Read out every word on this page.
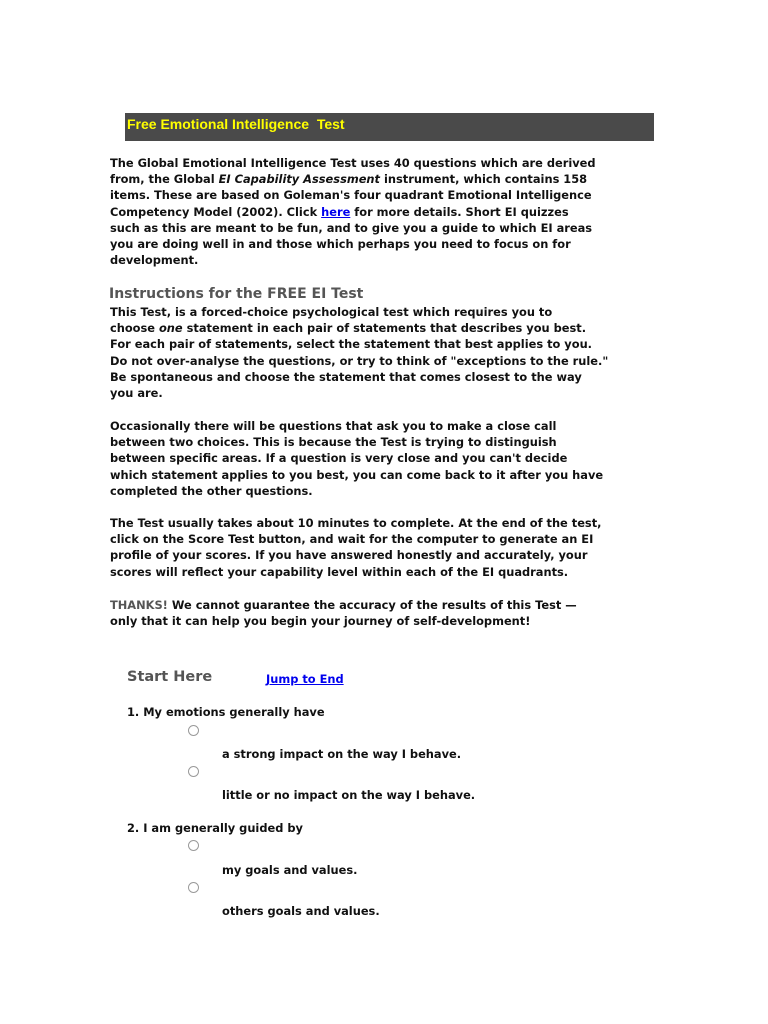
Free Emotional Intelligence  Test

The Global Emotional Intelligence Test uses 40 questions which are derived

from, the Global EI Capability Assessment instrument, which contains 158

items. These are based on Goleman's four quadrant Emotional Intelligence

Competency Model (2002). Click here for more details. Short EI quizzes

such as this are meant to be fun, and to give you a guide to which EI areas

you are doing well in and those which perhaps you need to focus on for

development.

Instructions for the FREE EI Test

This Test, is a forced-choice psychological test which requires you to

choose one statement in each pair of statements that describes you best.

For each pair of statements, select the statement that best applies to you.

Do not over-analyse the questions, or try to think of "exceptions to the rule."

Be spontaneous and choose the statement that comes closest to the way

you are.

Occasionally there will be questions that ask you to make a close call

between two choices. This is because the Test is trying to distinguish

between specific areas. If a question is very close and you can't decide

which statement applies to you best, you can come back to it after you have

completed the other questions.

The Test usually takes about 10 minutes to complete. At the end of the test,

click on the Score Test button, and wait for the computer to generate an EI

profile of your scores. If you have answered honestly and accurately, your

scores will reflect your capability level within each of the EI quadrants.

THANKS! We cannot guarantee the accuracy of the results of this Test —

only that it can help you begin your journey of self-development!

Start Here	Jump to End
1. My emotions generally have
a strong impact on the way I behave.
little or no impact on the way I behave.
2. I am generally guided by
my goals and values.
others goals and values.
